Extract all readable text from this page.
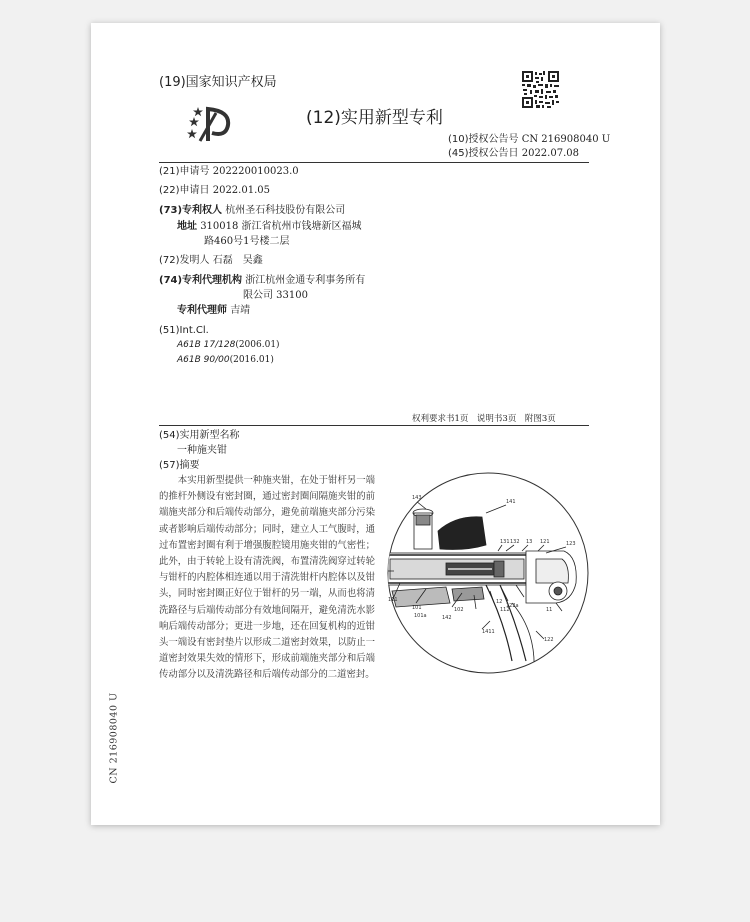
(19)国家知识产权局
(12)实用新型专利
(10)授权公告号 CN 216908040 U
(45)授权公告日 2022.07.08
(21)申请号 202220010023.0
(22)申请日 2022.01.05
(73)专利权人 杭州圣石科技股份有限公司
地址 310018 浙江省杭州市钱塘新区福城
路460号1号楼二层
(72)发明人 石磊　吴鑫
(74)专利代理机构 浙江杭州金通专利事务所有
限公司 33100
专利代理师 吉靖
(51)Int.Cl.
A61B 17/128(2006.01)
A61B 90/00(2016.01)
权利要求书1页　说明书3页　附图3页
(54)实用新型名称
一种施夹钳
(57)摘要

本实用新型提供一种施夹钳，在处于钳杆另一端的推杆外侧设有密封圈，通过密封圈间隔施夹钳的前端施夹部分和后端传动部分，避免前端施夹部分污染或者影响后端传动部分；同时，建立人工气腹时，通过布置密封圈有利于增强腹腔镜用施夹钳的气密性；此外，由于转轮上设有清洗阀，布置清洗阀穿过转轮与钳杆的内腔体相连通以用于清洗钳杆内腔体以及钳头，同时密封圈正好位于钳杆的另一端，从而也将清洗路径与后端传动部分有效地间隔开，避免清洗水影响后端传动部分；更进一步地，还在回复机构的近钳头一端设有密封垫片以形成二道密封效果，以防止一道密封效果失效的情形下，形成前端施夹部分和后端传动部分以及清洗路径和后端传动部分的二道密封。

143
141
131 132 13 121	123
11
111
101
101a
102
142
112
12
122a
1411
122
CN 216908040 U
